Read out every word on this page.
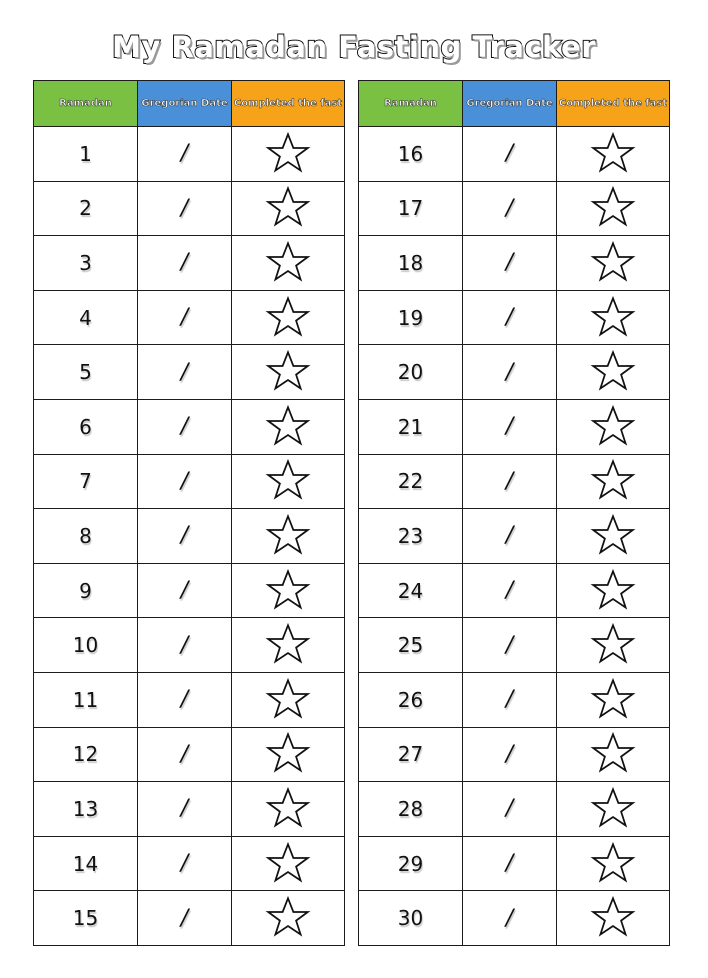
My Ramadan Fasting Tracker
Ramadan	Gregorian Date	Completed the fast
1	/	

2	/	

3	/	

4	/	

5	/	

6	/	

7	/	

8	/	

9	/	

10	/	

11	/	

12	/	

13	/	

14	/	

15	/	
Ramadan	Gregorian Date	Completed the fast
16	/	

17	/	

18	/	

19	/	

20	/	

21	/	

22	/	

23	/	

24	/	

25	/	

26	/	

27	/	

28	/	

29	/	

30	/	
